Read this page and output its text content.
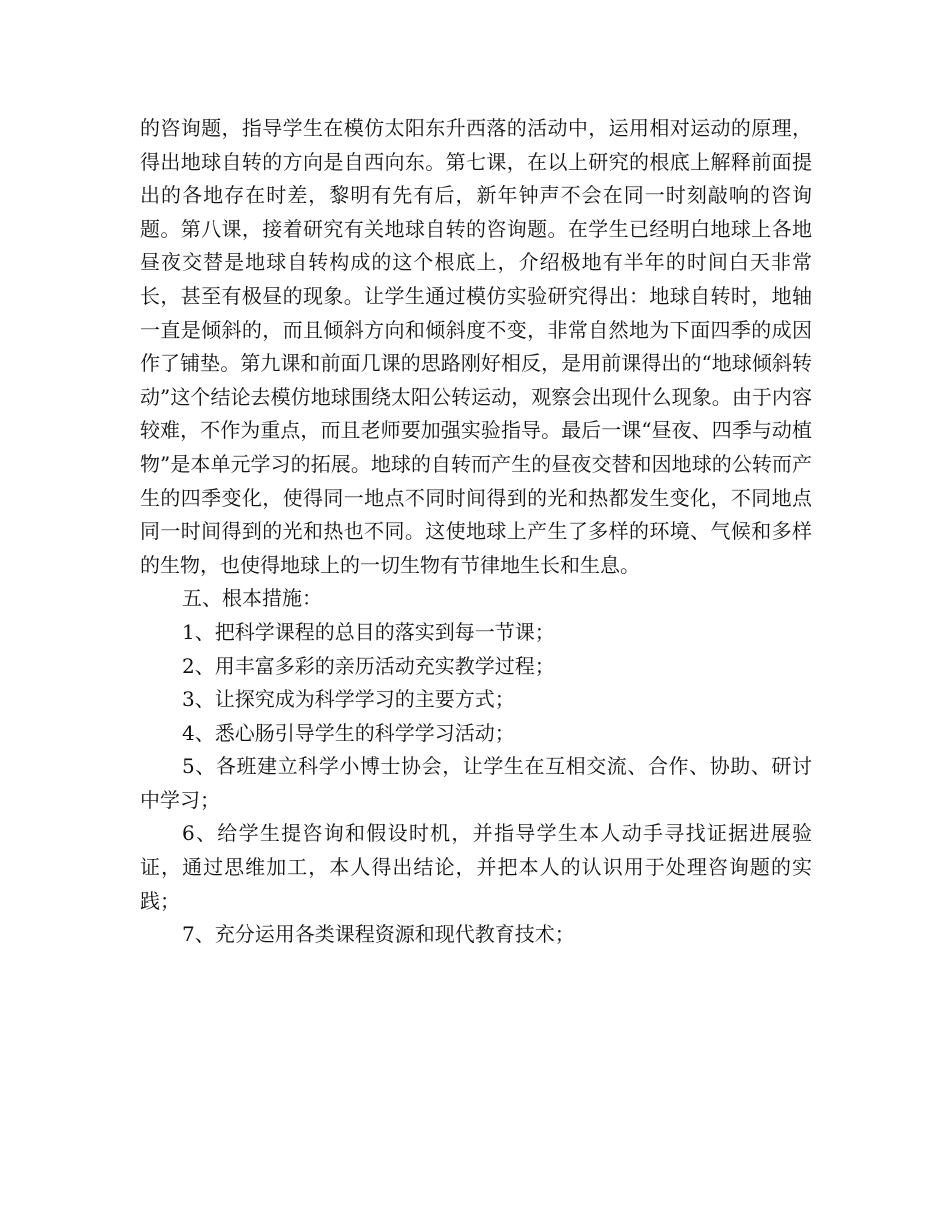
的咨询题，指导学生在模仿太阳东升西落的活动中，运用相对运动的原理，得出地球自转的方向是自西向东。第七课，在以上研究的根底上解释前面提出的各地存在时差，黎明有先有后，新年钟声不会在同一时刻敲响的咨询题。第八课，接着研究有关地球自转的咨询题。在学生已经明白地球上各地昼夜交替是地球自转构成的这个根底上，介绍极地有半年的时间白天非常长，甚至有极昼的现象。让学生通过模仿实验研究得出：地球自转时，地轴一直是倾斜的，而且倾斜方向和倾斜度不变，非常自然地为下面四季的成因作了铺垫。第九课和前面几课的思路刚好相反，是用前课得出的“地球倾斜转动”这个结论去模仿地球围绕太阳公转运动，观察会出现什么现象。由于内容较难，不作为重点，而且老师要加强实验指导。最后一课“昼夜、四季与动植物”是本单元学习的拓展。地球的自转而产生的昼夜交替和因地球的公转而产生的四季变化，使得同一地点不同时间得到的光和热都发生变化，不同地点同一时间得到的光和热也不同。这使地球上产生了多样的环境、气候和多样的生物，也使得地球上的一切生物有节律地生长和生息。

五、根本措施：

1、把科学课程的总目的落实到每一节课；

2、用丰富多彩的亲历活动充实教学过程；

3、让探究成为科学学习的主要方式；

4、悉心肠引导学生的科学学习活动；

5、各班建立科学小博士协会，让学生在互相交流、合作、协助、研讨中学习；

6、给学生提咨询和假设时机，并指导学生本人动手寻找证据进展验证，通过思维加工，本人得出结论，并把本人的认识用于处理咨询题的实践；

7、充分运用各类课程资源和现代教育技术；
